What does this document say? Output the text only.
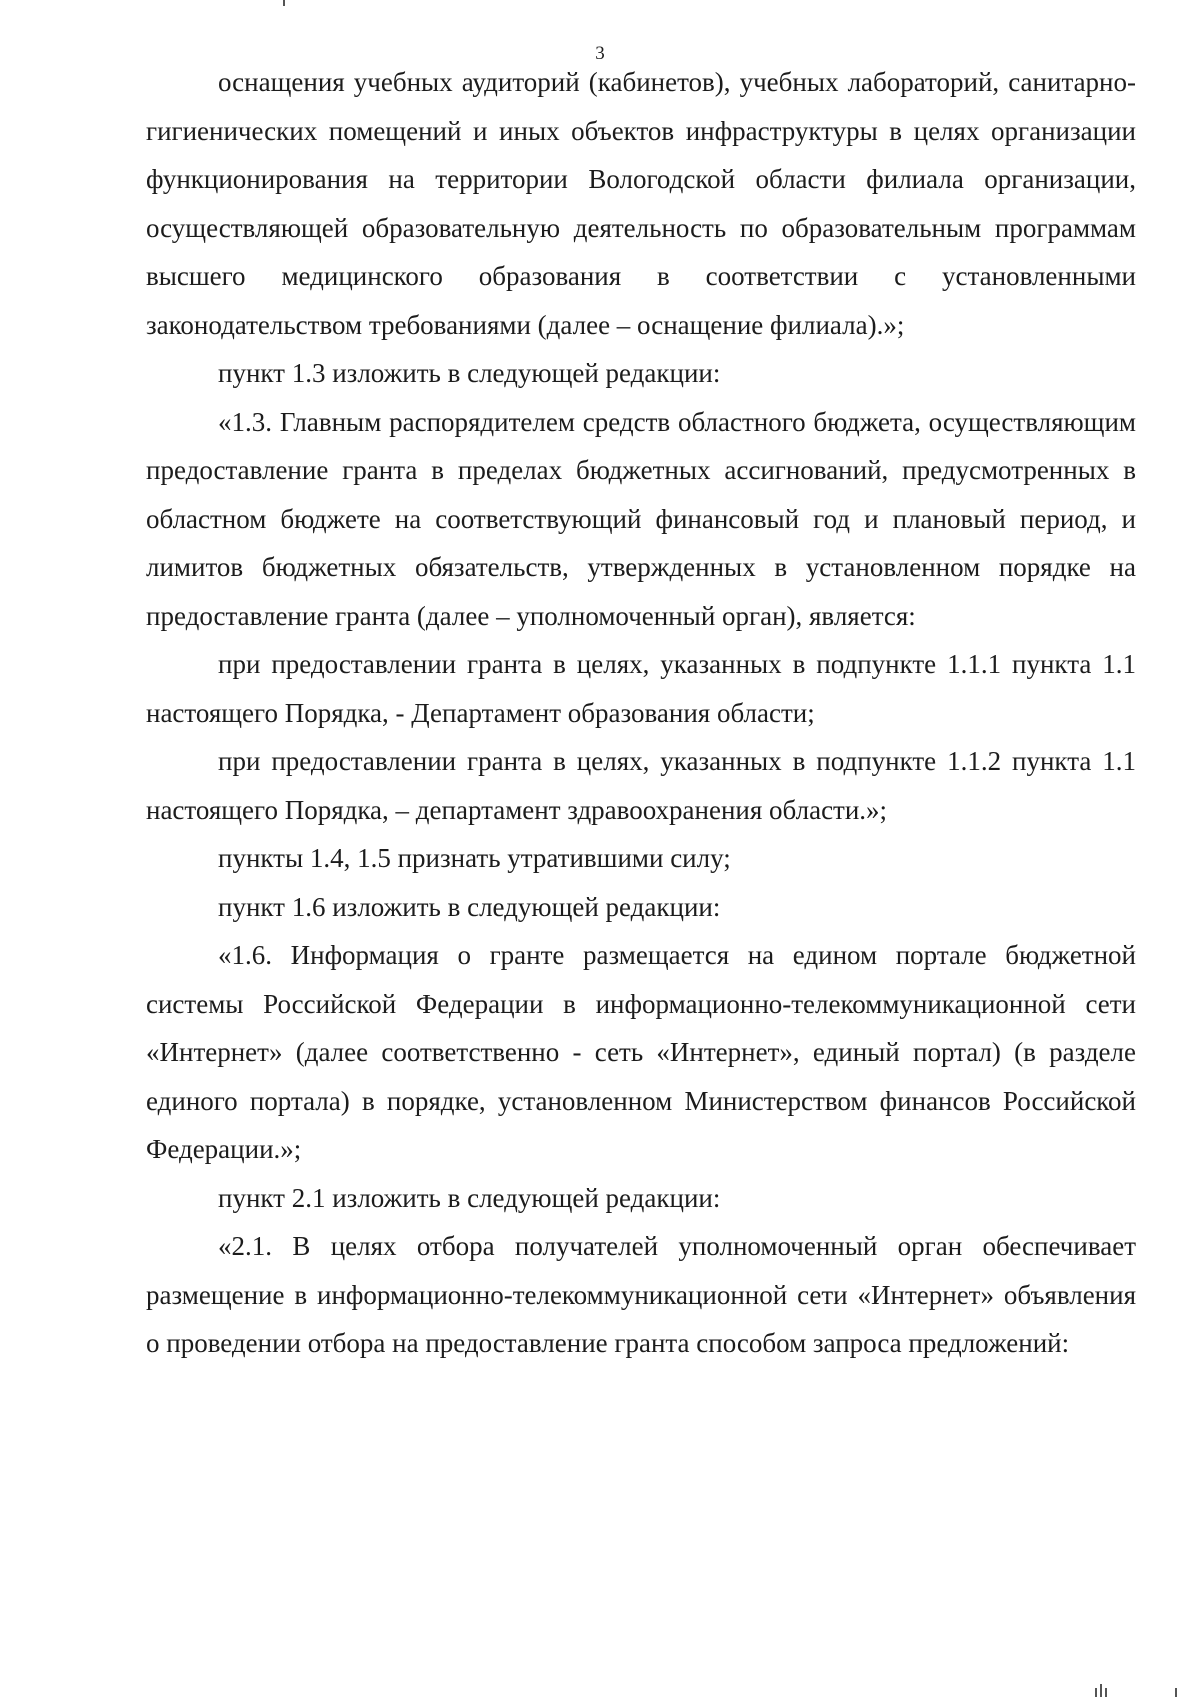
3

оснащения учебных аудиторий (кабинетов), учебных лабораторий, санитарно-гигиенических помещений и иных объектов инфраструктуры в целях организации функционирования на территории Вологодской области филиала организации, осуществляющей образовательную деятельность по образовательным программам высшего медицинского образования в соответствии с установленными законодательством требованиями (далее – оснащение филиала).»;

пункт 1.3 изложить в следующей редакции:

«1.3. Главным распорядителем средств областного бюджета, осуществляющим предоставление гранта в пределах бюджетных ассигнований, предусмотренных в областном бюджете на соответствующий финансовый год и плановый период, и лимитов бюджетных обязательств, утвержденных в установленном порядке на предоставление гранта (далее – уполномоченный орган), является:

при предоставлении гранта в целях, указанных в подпункте 1.1.1 пункта 1.1 настоящего Порядка, - Департамент образования области;

при предоставлении гранта в целях, указанных в подпункте 1.1.2 пункта 1.1 настоящего Порядка, – департамент здравоохранения области.»;

пункты 1.4, 1.5 признать утратившими силу;

пункт 1.6 изложить в следующей редакции:

«1.6. Информация о гранте размещается на едином портале бюджетной системы Российской Федерации в информационно-телекоммуникационной сети «Интернет» (далее соответственно - сеть «Интернет», единый портал) (в разделе единого портала) в порядке, установленном Министерством финансов Российской Федерации.»;

пункт 2.1 изложить в следующей редакции:

«2.1. В целях отбора получателей уполномоченный орган обеспечивает размещение в информационно-телекоммуникационной сети «Интернет» объявления о проведении отбора на предоставление гранта способом запроса предложений:
